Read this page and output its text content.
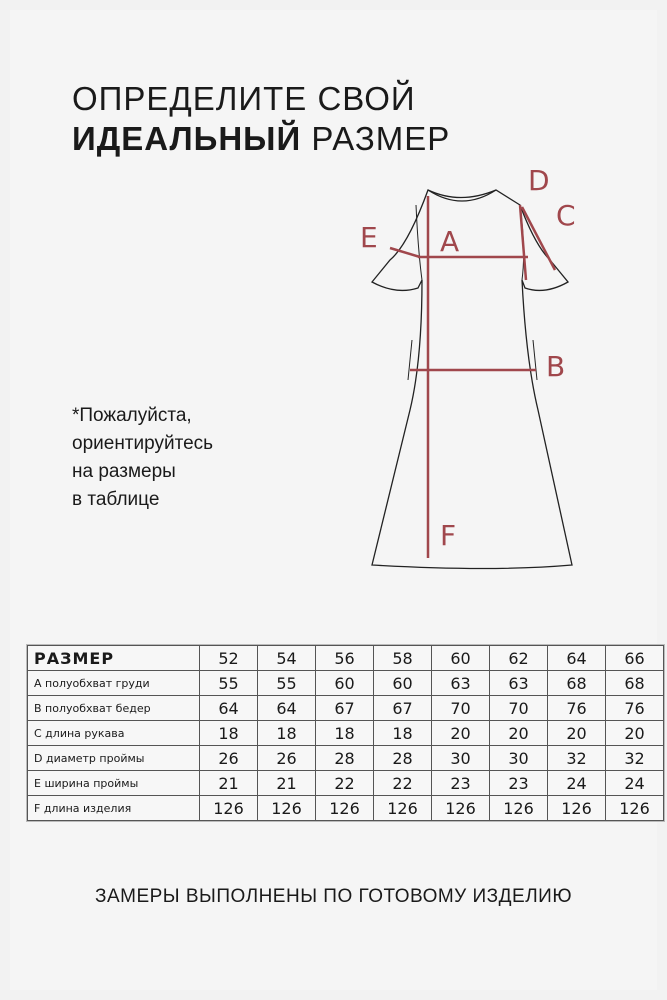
ОПРЕДЕЛИТЕ СВОЙ
ИДЕАЛЬНЫЙ РАЗМЕР
*Пожалуйста,
ориентируйтесь
на размеры
в таблице
A
B
C
D
E
F
РАЗМЕР	52	54	56	58	60	62	64	66
А полуобхват груди	55	55	60	60	63	63	68	68
В полуобхват бедер	64	64	67	67	70	70	76	76
С длина рукава	18	18	18	18	20	20	20	20
D диаметр проймы	26	26	28	28	30	30	32	32
E ширина проймы	21	21	22	22	23	23	24	24
F длина изделия	126	126	126	126	126	126	126	126
ЗАМЕРЫ ВЫПОЛНЕНЫ ПО ГОТОВОМУ ИЗДЕЛИЮ
